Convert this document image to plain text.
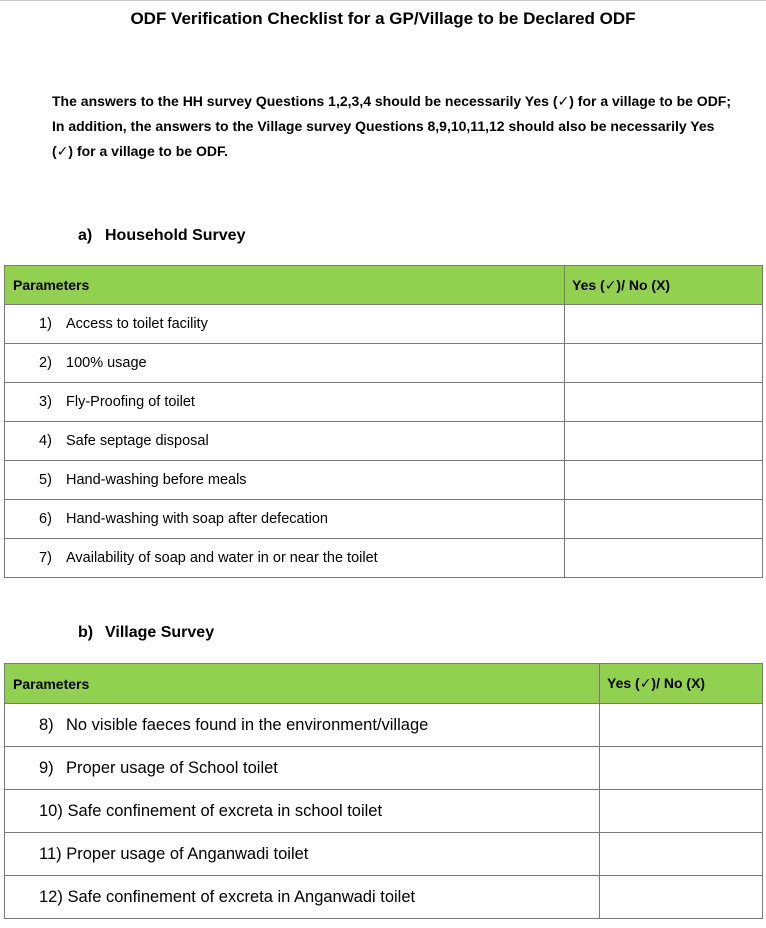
ODF Verification Checklist for a GP/Village to be Declared ODF
The answers to the HH survey Questions 1,2,3,4 should be necessarily Yes (✓) for a village to be ODF; In addition, the answers to the Village survey Questions 8,9,10,11,12 should also be necessarily Yes (✓) for a village to be ODF.
a) Household Survey
Parameters	Yes (✓)/ No (X)
1) Access to toilet facility	
2) 100% usage	
3) Fly-Proofing of toilet	
4) Safe septage disposal	
5) Hand-washing before meals	
6) Hand-washing with soap after defecation	
7) Availability of soap and water in or near the toilet	
b) Village Survey
Parameters	Yes (✓)/ No (X)
8) No visible faeces found in the environment/village	
9) Proper usage of School toilet	
10) Safe confinement of excreta in school toilet	
11) Proper usage of Anganwadi toilet	
12) Safe confinement of excreta in Anganwadi toilet	
